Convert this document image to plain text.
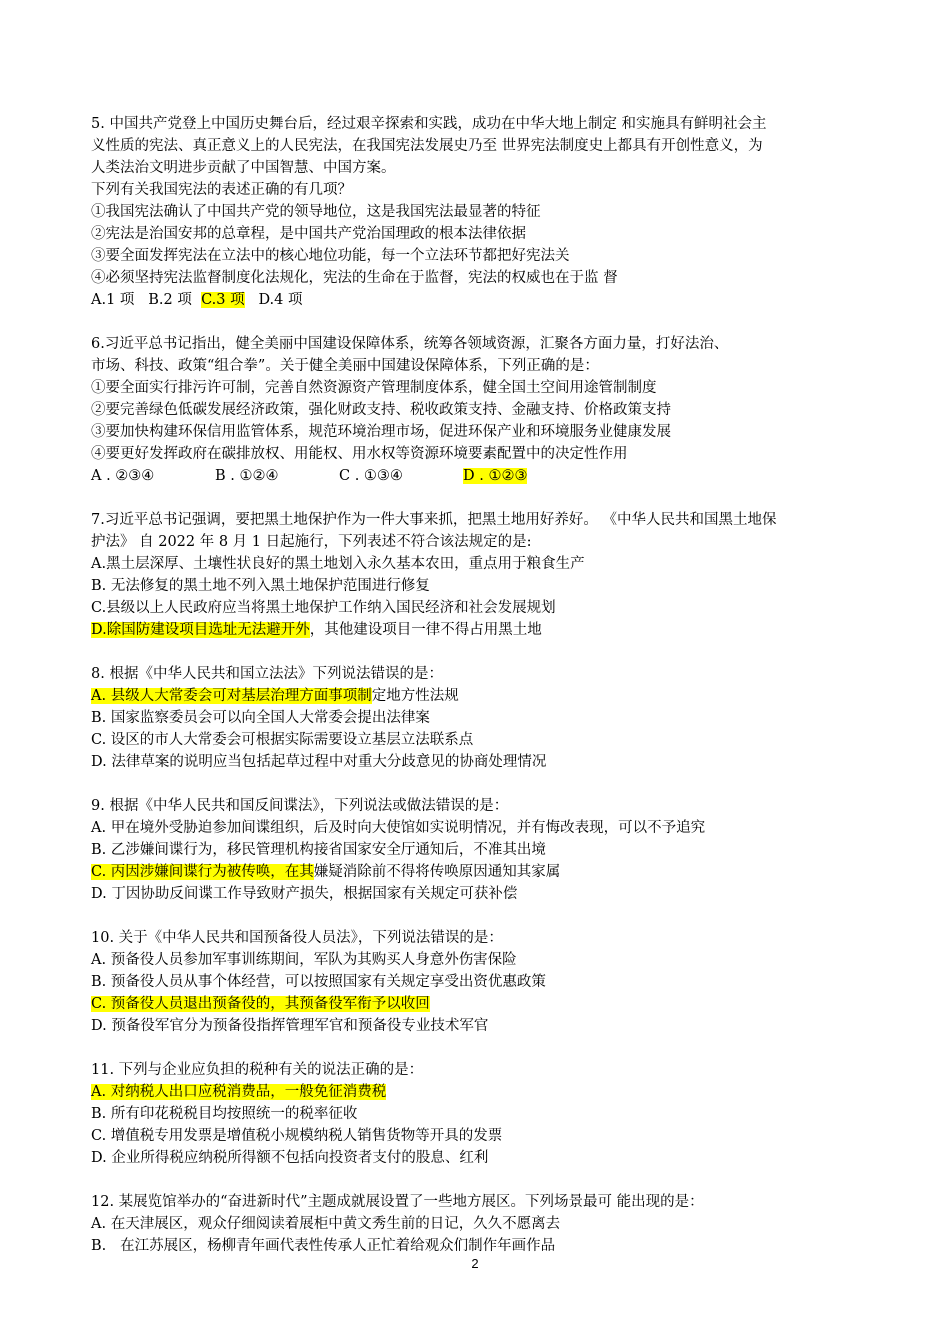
5. 中国共产党登上中国历史舞台后，经过艰辛探索和实践，成功在中华大地上制定 和实施具有鲜明社会主
义性质的宪法、真正意义上的人民宪法，在我国宪法发展史乃至 世界宪法制度史上都具有开创性意义，为
人类法治文明进步贡献了中国智慧、中国方案。
下列有关我国宪法的表述正确的有几项？
①我国宪法确认了中国共产党的领导地位，这是我国宪法最显著的特征
②宪法是治国安邦的总章程，是中国共产党治国理政的根本法律依据
③要全面发挥宪法在立法中的核心地位功能，每一个立法环节都把好宪法关
④必须坚持宪法监督制度化法规化，宪法的生命在于监督，宪法的权威也在于监 督
A.1 项 B.2 项 C.3 项 D.4 项
6.习近平总书记指出，健全美丽中国建设保障体系，统筹各领域资源，汇聚各方面力量，打好法治、
市场、科技、政策“组合拳”。关于健全美丽中国建设保障体系，下列正确的是：
①要全面实行排污许可制，完善自然资源资产管理制度体系，健全国土空间用途管制制度
②要完善绿色低碳发展经济政策，强化财政支持、税收政策支持、金融支持、价格政策支持
③要加快构建环保信用监管体系，规范环境治理市场，促进环保产业和环境服务业健康发展
④要更好发挥政府在碳排放权、用能权、用水权等资源环境要素配置中的决定性作用
A . ②③④	B . ①②④	C . ①③④	D . ①②③
7.习近平总书记强调，要把黑土地保护作为一件大事来抓，把黑土地用好养好。 《中华人民共和国黑土地保
护法》 自 2022 年 8 月 1 日起施行，下列表述不符合该法规定的是:
A.黑土层深厚、土壤性状良好的黑土地划入永久基本农田，重点用于粮食生产
B. 无法修复的黑土地不列入黑土地保护范围进行修复
C.县级以上人民政府应当将黑土地保护工作纳入国民经济和社会发展规划
D.除国防建设项目选址无法避开外，其他建设项目一律不得占用黑土地
8. 根据《中华人民共和国立法法》下列说法错误的是：
A. 县级人大常委会可对基层治理方面事项制定地方性法规
B. 国家监察委员会可以向全国人大常委会提出法律案
C. 设区的市人大常委会可根据实际需要设立基层立法联系点
D. 法律草案的说明应当包括起草过程中对重大分歧意见的协商处理情况
9. 根据《中华人民共和国反间谍法》，下列说法或做法错误的是：
A. 甲在境外受胁迫参加间谍组织，后及时向大使馆如实说明情况，并有悔改表现，可以不予追究
B. 乙涉嫌间谍行为，移民管理机构接省国家安全厅通知后，不准其出境
C. 丙因涉嫌间谍行为被传唤，在其嫌疑消除前不得将传唤原因通知其家属
D. 丁因协助反间谍工作导致财产损失，根据国家有关规定可获补偿
10. 关于《中华人民共和国预备役人员法》，下列说法错误的是：
A. 预备役人员参加军事训练期间，军队为其购买人身意外伤害保险
B. 预备役人员从事个体经营，可以按照国家有关规定享受出资优惠政策
C. 预备役人员退出预备役的，其预备役军衔予以收回
D. 预备役军官分为预备役指挥管理军官和预备役专业技术军官
11. 下列与企业应负担的税种有关的说法正确的是：
A. 对纳税人出口应税消费品，一般免征消费税
B. 所有印花税税目均按照统一的税率征收
C. 增值税专用发票是增值税小规模纳税人销售货物等开具的发票
D. 企业所得税应纳税所得额不包括向投资者支付的股息、红利
12. 某展览馆举办的“奋进新时代”主题成就展设置了一些地方展区。下列场景最可 能出现的是：
A. 在天津展区，观众仔细阅读着展柜中黄文秀生前的日记，久久不愿离去
B.   在江苏展区，杨柳青年画代表性传承人正忙着给观众们制作年画作品
2
